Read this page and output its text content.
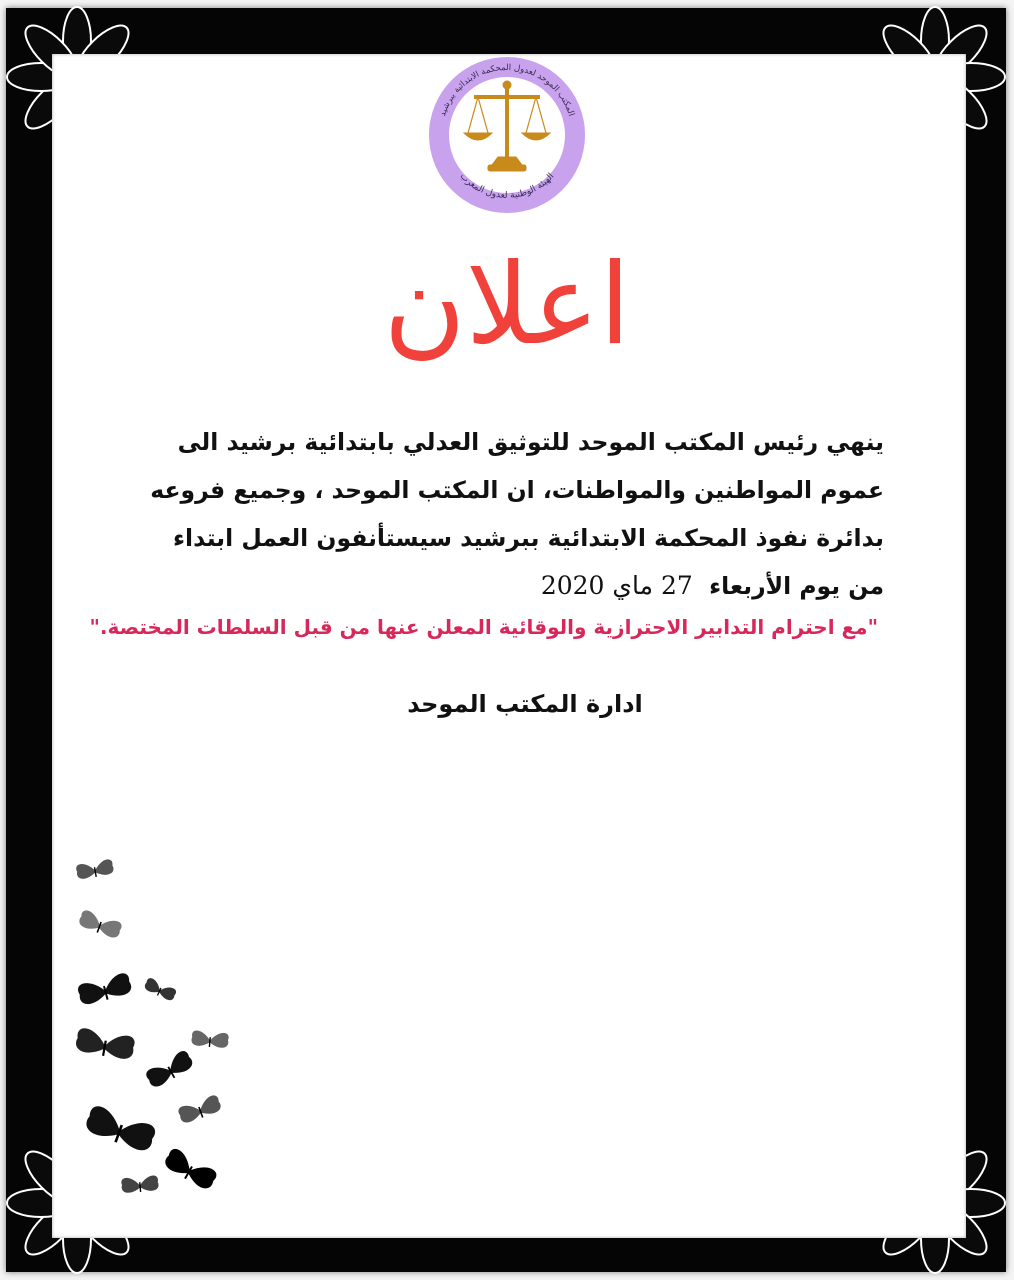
المكتب الموحد لعدول المحكمة الابتدائية ببرشيد
الهيئة الوطنية لعدول المغرب
اعلان
ينهي رئيس المكتب الموحد للتوثيق العدلي بابتدائية برشيد الى
عموم المواطنين والمواطنات، ان المكتب الموحد ، وجميع فروعه
بدائرة نفوذ المحكمة الابتدائية ببرشيد سيستأنفون العمل ابتداء
من يوم الأربعاء  27 ماي 2020
"مع احترام التدابير الاحترازية والوقائية المعلن عنها من قبل السلطات المختصة."
ادارة المكتب الموحد
